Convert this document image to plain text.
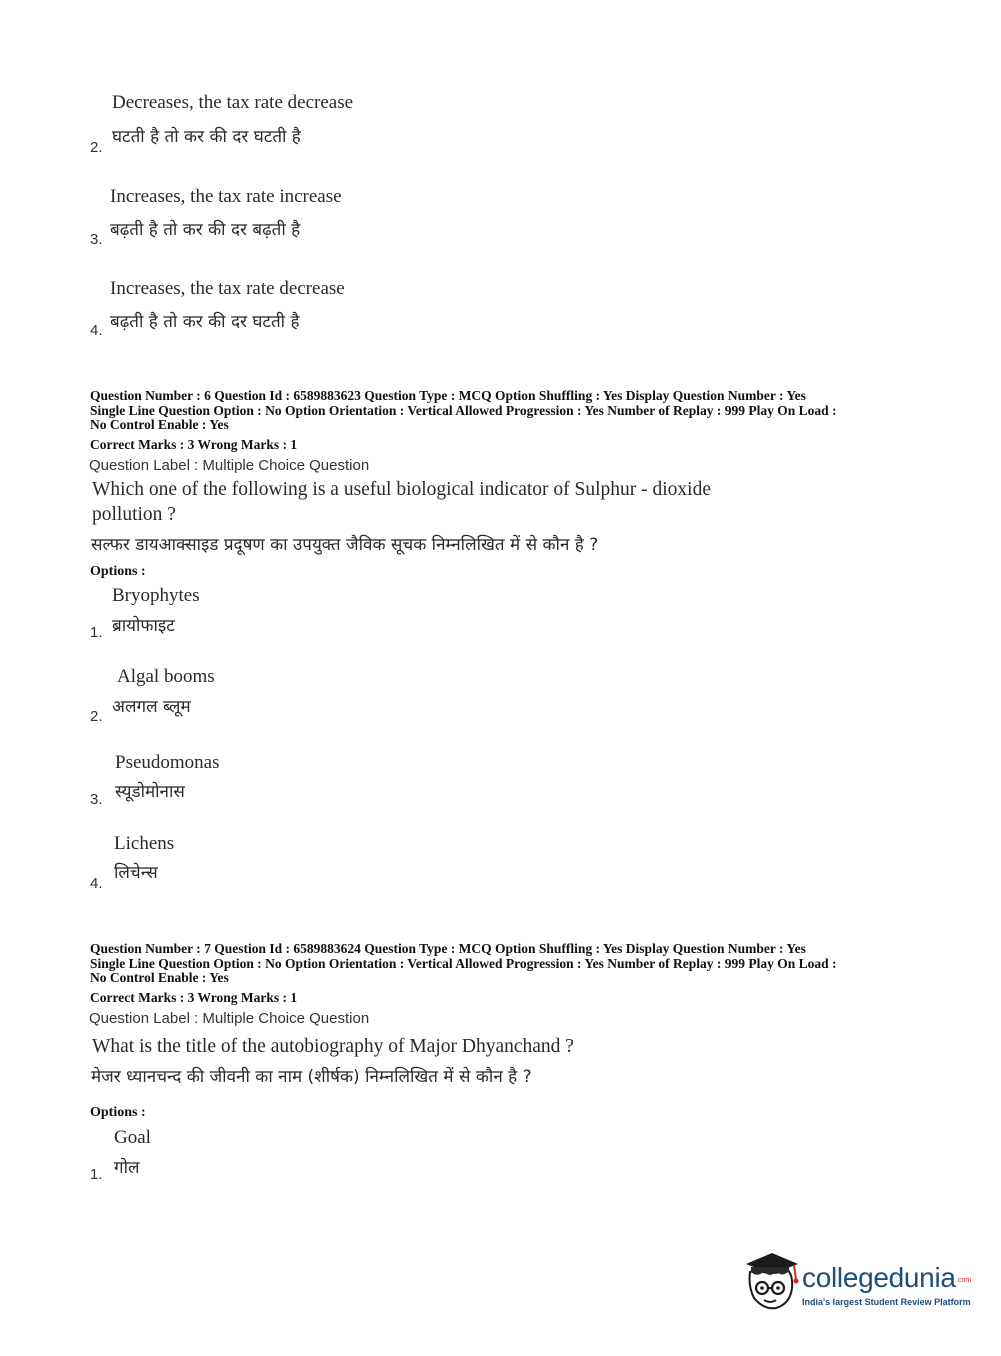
Decreases, the tax rate decrease
घटती है तो कर की दर घटती है
2.
Increases, the tax rate increase
बढ़ती है तो कर की दर बढ़ती है
3.
Increases, the tax rate decrease
बढ़ती है तो कर की दर घटती है
4.
Question Number : 6 Question Id : 6589883623 Question Type : MCQ Option Shuffling : Yes Display Question Number : Yes
Single Line Question Option : No Option Orientation : Vertical Allowed Progression : Yes Number of Replay : 999 Play On Load :
No Control Enable : Yes
Correct Marks : 3 Wrong Marks : 1
Question Label : Multiple Choice Question
Which one of the following is a useful biological indicator of Sulphur - dioxide
pollution ?
सल्फर डायआक्साइड प्रदूषण का उपयुक्त जैविक सूचक निम्नलिखित में से कौन है ?
Options :
Bryophytes
ब्रायोफाइट
1.
Algal booms
अलगल ब्लूम
2.
Pseudomonas
स्यूडोमोनास
3.
Lichens
लिचेन्स
4.
Question Number : 7 Question Id : 6589883624 Question Type : MCQ Option Shuffling : Yes Display Question Number : Yes
Single Line Question Option : No Option Orientation : Vertical Allowed Progression : Yes Number of Replay : 999 Play On Load :
No Control Enable : Yes
Correct Marks : 3 Wrong Marks : 1
Question Label : Multiple Choice Question
What is the title of the autobiography of Major Dhyanchand ?
मेजर ध्यानचन्द की जीवनी का नाम (शीर्षक) निम्नलिखित में से कौन है ?
Options :
Goal
गोल
1.
collegedunia .com
India's largest Student Review Platform
